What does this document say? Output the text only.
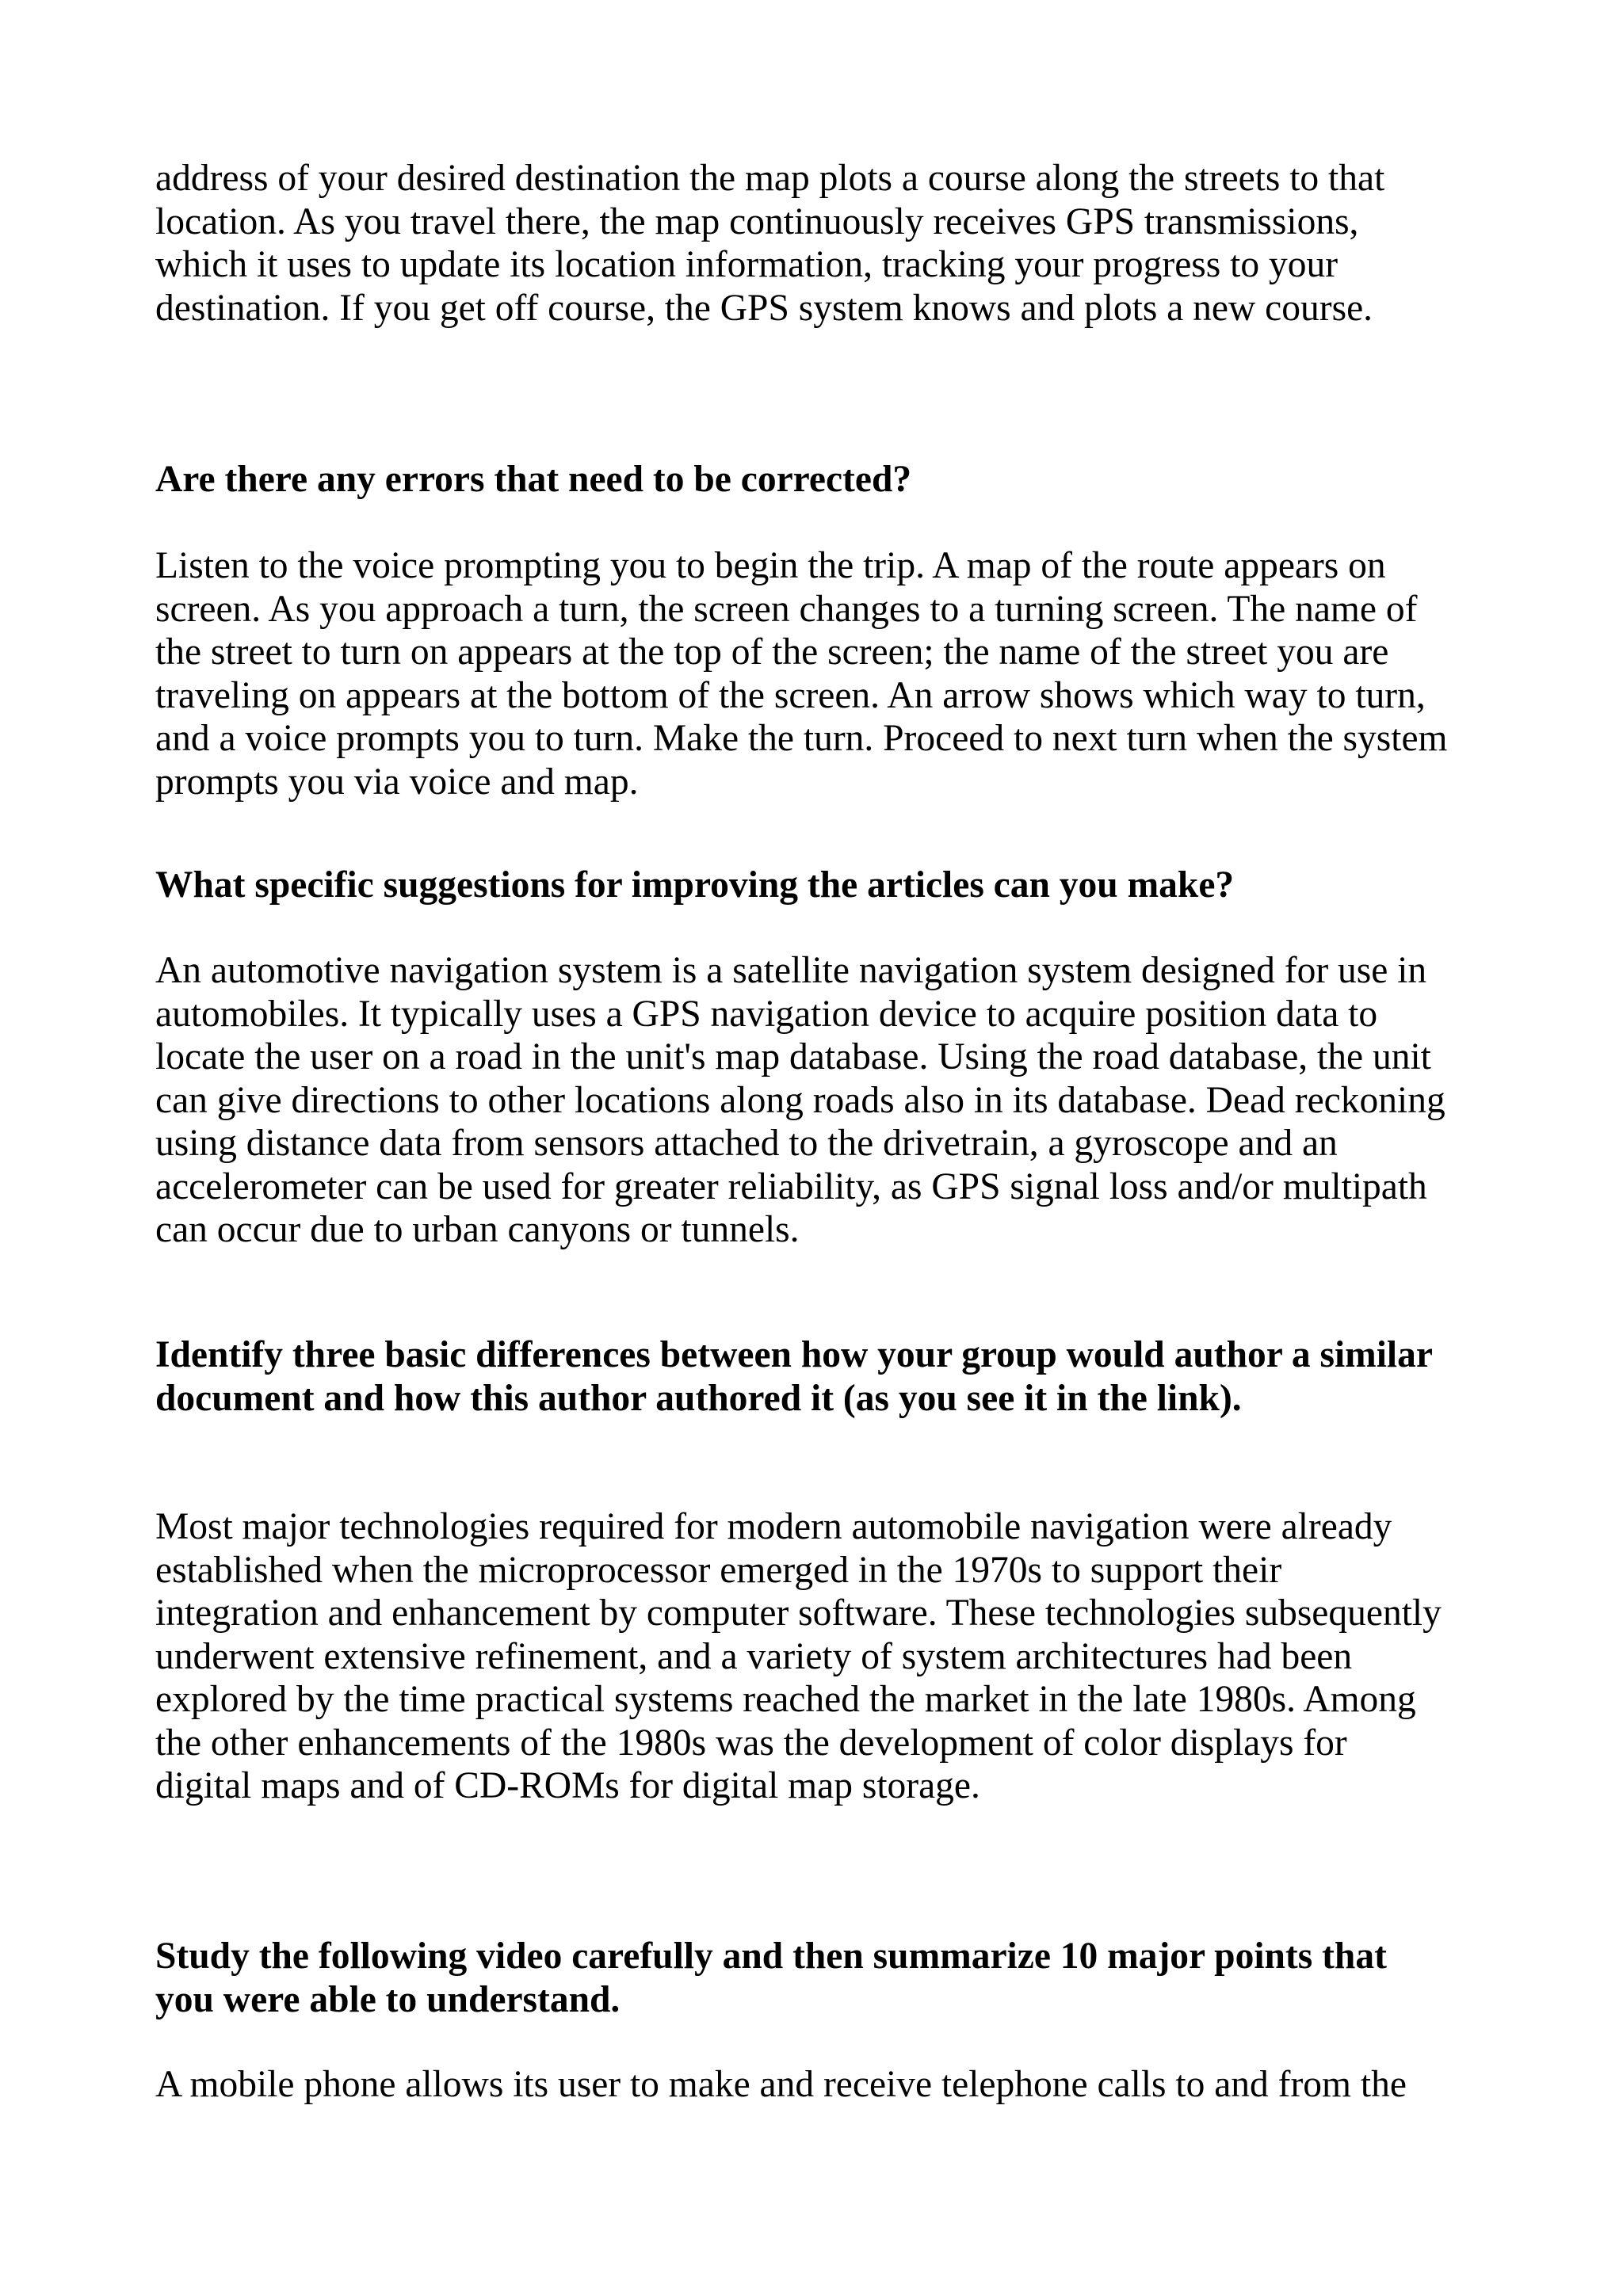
address of your desired destination the map plots a course along the streets to that
location. As you travel there, the map continuously receives GPS transmissions,
which it uses to update its location information, tracking your progress to your
destination. If you get off course, the GPS system knows and plots a new course.

Are there any errors that need to be corrected?

Listen to the voice prompting you to begin the trip. A map of the route appears on
screen. As you approach a turn, the screen changes to a turning screen. The name of
the street to turn on appears at the top of the screen; the name of the street you are
traveling on appears at the bottom of the screen. An arrow shows which way to turn,
and a voice prompts you to turn. Make the turn. Proceed to next turn when the system
prompts you via voice and map.

What specific suggestions for improving the articles can you make?

An automotive navigation system is a satellite navigation system designed for use in
automobiles. It typically uses a GPS navigation device to acquire position data to
locate the user on a road in the unit's map database. Using the road database, the unit
can give directions to other locations along roads also in its database. Dead reckoning
using distance data from sensors attached to the drivetrain, a gyroscope and an
accelerometer can be used for greater reliability, as GPS signal loss and/or multipath
can occur due to urban canyons or tunnels.

Identify three basic differences between how your group would author a similar
document and how this author authored it (as you see it in the link).

Most major technologies required for modern automobile navigation were already
established when the microprocessor emerged in the 1970s to support their
integration and enhancement by computer software. These technologies subsequently
underwent extensive refinement, and a variety of system architectures had been
explored by the time practical systems reached the market in the late 1980s. Among
the other enhancements of the 1980s was the development of color displays for
digital maps and of CD-ROMs for digital map storage.

Study the following video carefully and then summarize 10 major points that
you were able to understand.

A mobile phone allows its user to make and receive telephone calls to and from the
